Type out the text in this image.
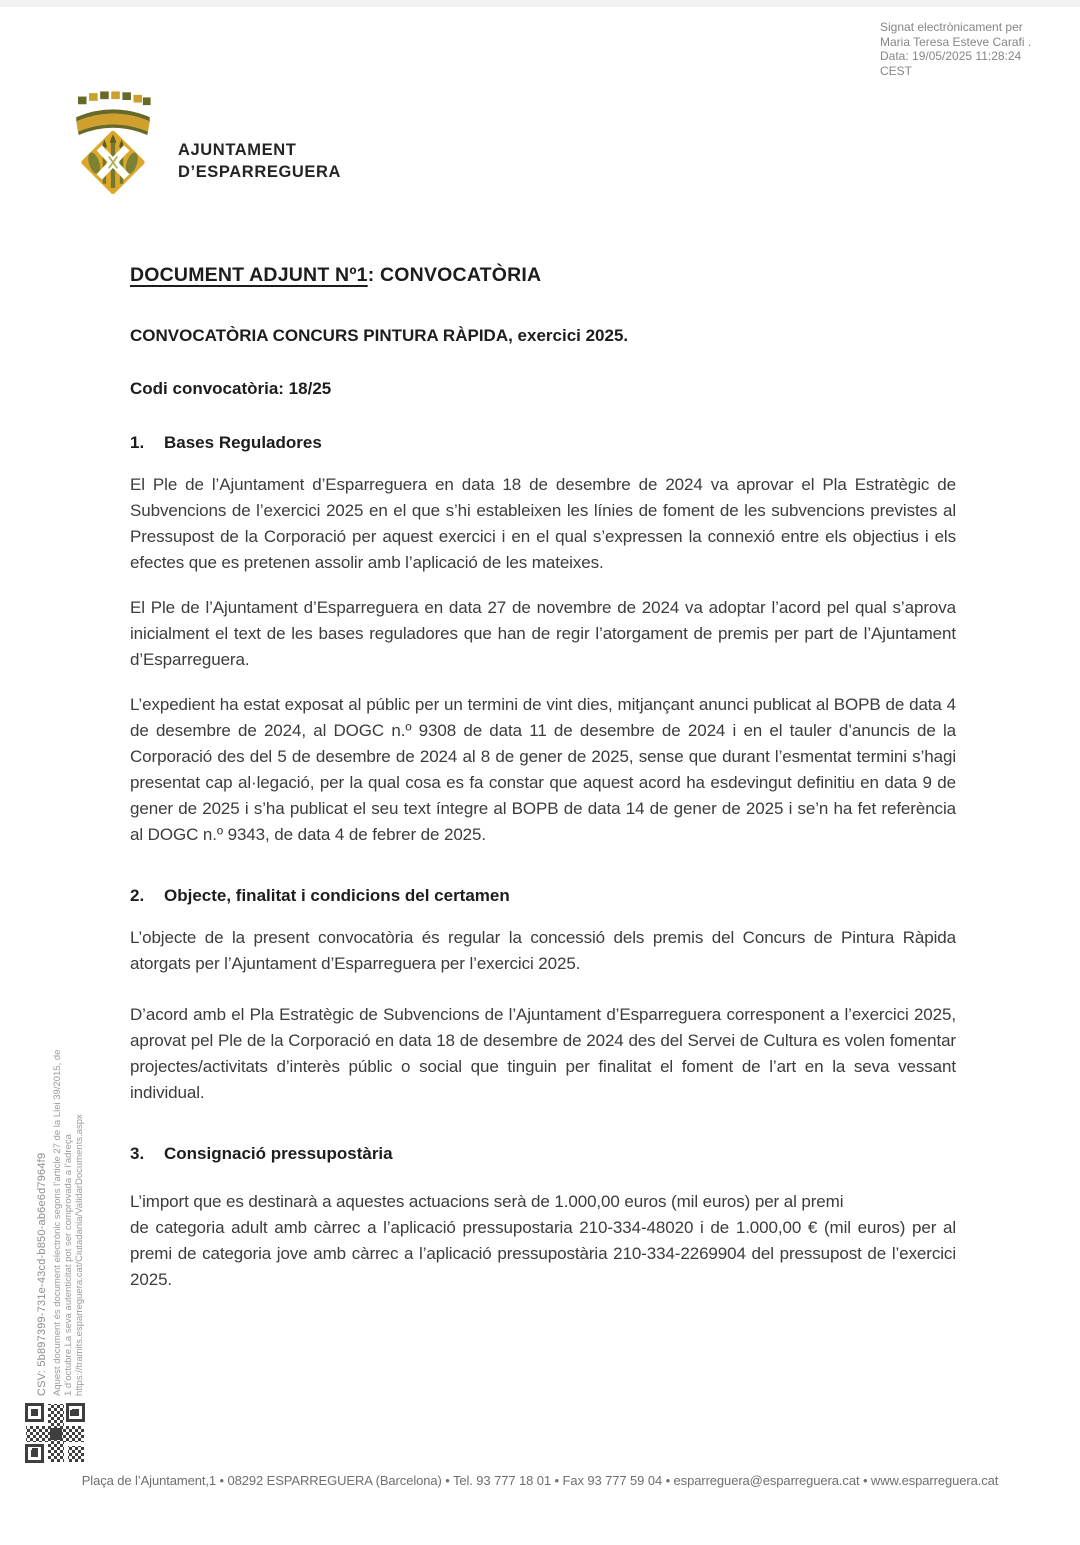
Signat electrònicament per
Maria Teresa Esteve Carafi .
Data: 19/05/2025 11:28:24
CEST
AJUNTAMENT
D’ESPARREGUERA
DOCUMENT ADJUNT Nº1: CONVOCATÒRIA
CONVOCATÒRIA CONCURS PINTURA RÀPIDA, exercici 2025.
Codi convocatòria: 18/25
1. Bases Reguladores
El Ple de l’Ajuntament d’Esparreguera en data 18 de desembre de 2024 va aprovar el Pla Estratègic de Subvencions de l’exercici 2025 en el que s’hi estableixen les línies de foment de les subvencions previstes al Pressupost de la Corporació per aquest exercici i en el qual s’expressen la connexió entre els objectius i els efectes que es pretenen assolir amb l’aplicació de les mateixes.
El Ple de l’Ajuntament d’Esparreguera en data 27 de novembre de 2024 va adoptar l’acord pel qual s’aprova inicialment el text de les bases reguladores que han de regir l’atorgament de premis per part de l’Ajuntament d’Esparreguera.
L’expedient ha estat exposat al públic per un termini de vint dies, mitjançant anunci publicat al BOPB de data 4 de desembre de 2024, al DOGC n.º 9308 de data 11 de desembre de 2024 i en el tauler d’anuncis de la Corporació des del 5 de desembre de 2024 al 8 de gener de 2025, sense que durant l’esmentat termini s’hagi presentat cap al·legació, per la qual cosa es fa constar que aquest acord ha esdevingut definitiu en data 9 de gener de 2025 i s’ha publicat el seu text íntegre al BOPB de data 14 de gener de 2025 i se’n ha fet referència al DOGC n.º 9343, de data 4 de febrer de 2025.
2. Objecte, finalitat i condicions del certamen
L’objecte de la present convocatòria és regular la concessió dels premis del Concurs de Pintura Ràpida atorgats per l’Ajuntament d’Esparreguera per l’exercici 2025.
D’acord amb el Pla Estratègic de Subvencions de l’Ajuntament d’Esparreguera corresponent a l’exercici 2025, aprovat pel Ple de la Corporació en data 18 de desembre de 2024 des del Servei de Cultura es volen fomentar projectes/activitats d’interès públic o social que tinguin per finalitat el foment de l’art en la seva vessant individual.
3. Consignació pressupostària
L’import que es destinarà a aquestes actuacions serà de 1.000,00 euros (mil euros) per al premi
de categoria adult amb càrrec a l’aplicació pressupostaria 210-334-48020 i de 1.000,00 € (mil euros) per al premi de categoria jove amb càrrec a l’aplicació pressupostària 210-334-2269904 del pressupost de l’exercici 2025.
CSV: 5b897399-731e-43cd-b850-ab6e6d7964f9 Aquest document és document electrònic segons l’article 27 de la Llei 39/2015, de 1 d’octubre.La seva autenticitat pot ser comprovada a l’adreça https://tramits.esparreguera.cat/Ciutadania/ValidarDocuments.aspx
Plaça de l’Ajuntament,1 • 08292 ESPARREGUERA (Barcelona) • Tel. 93 777 18 01 • Fax 93 777 59 04 • esparreguera@esparreguera.cat • www.esparreguera.cat
